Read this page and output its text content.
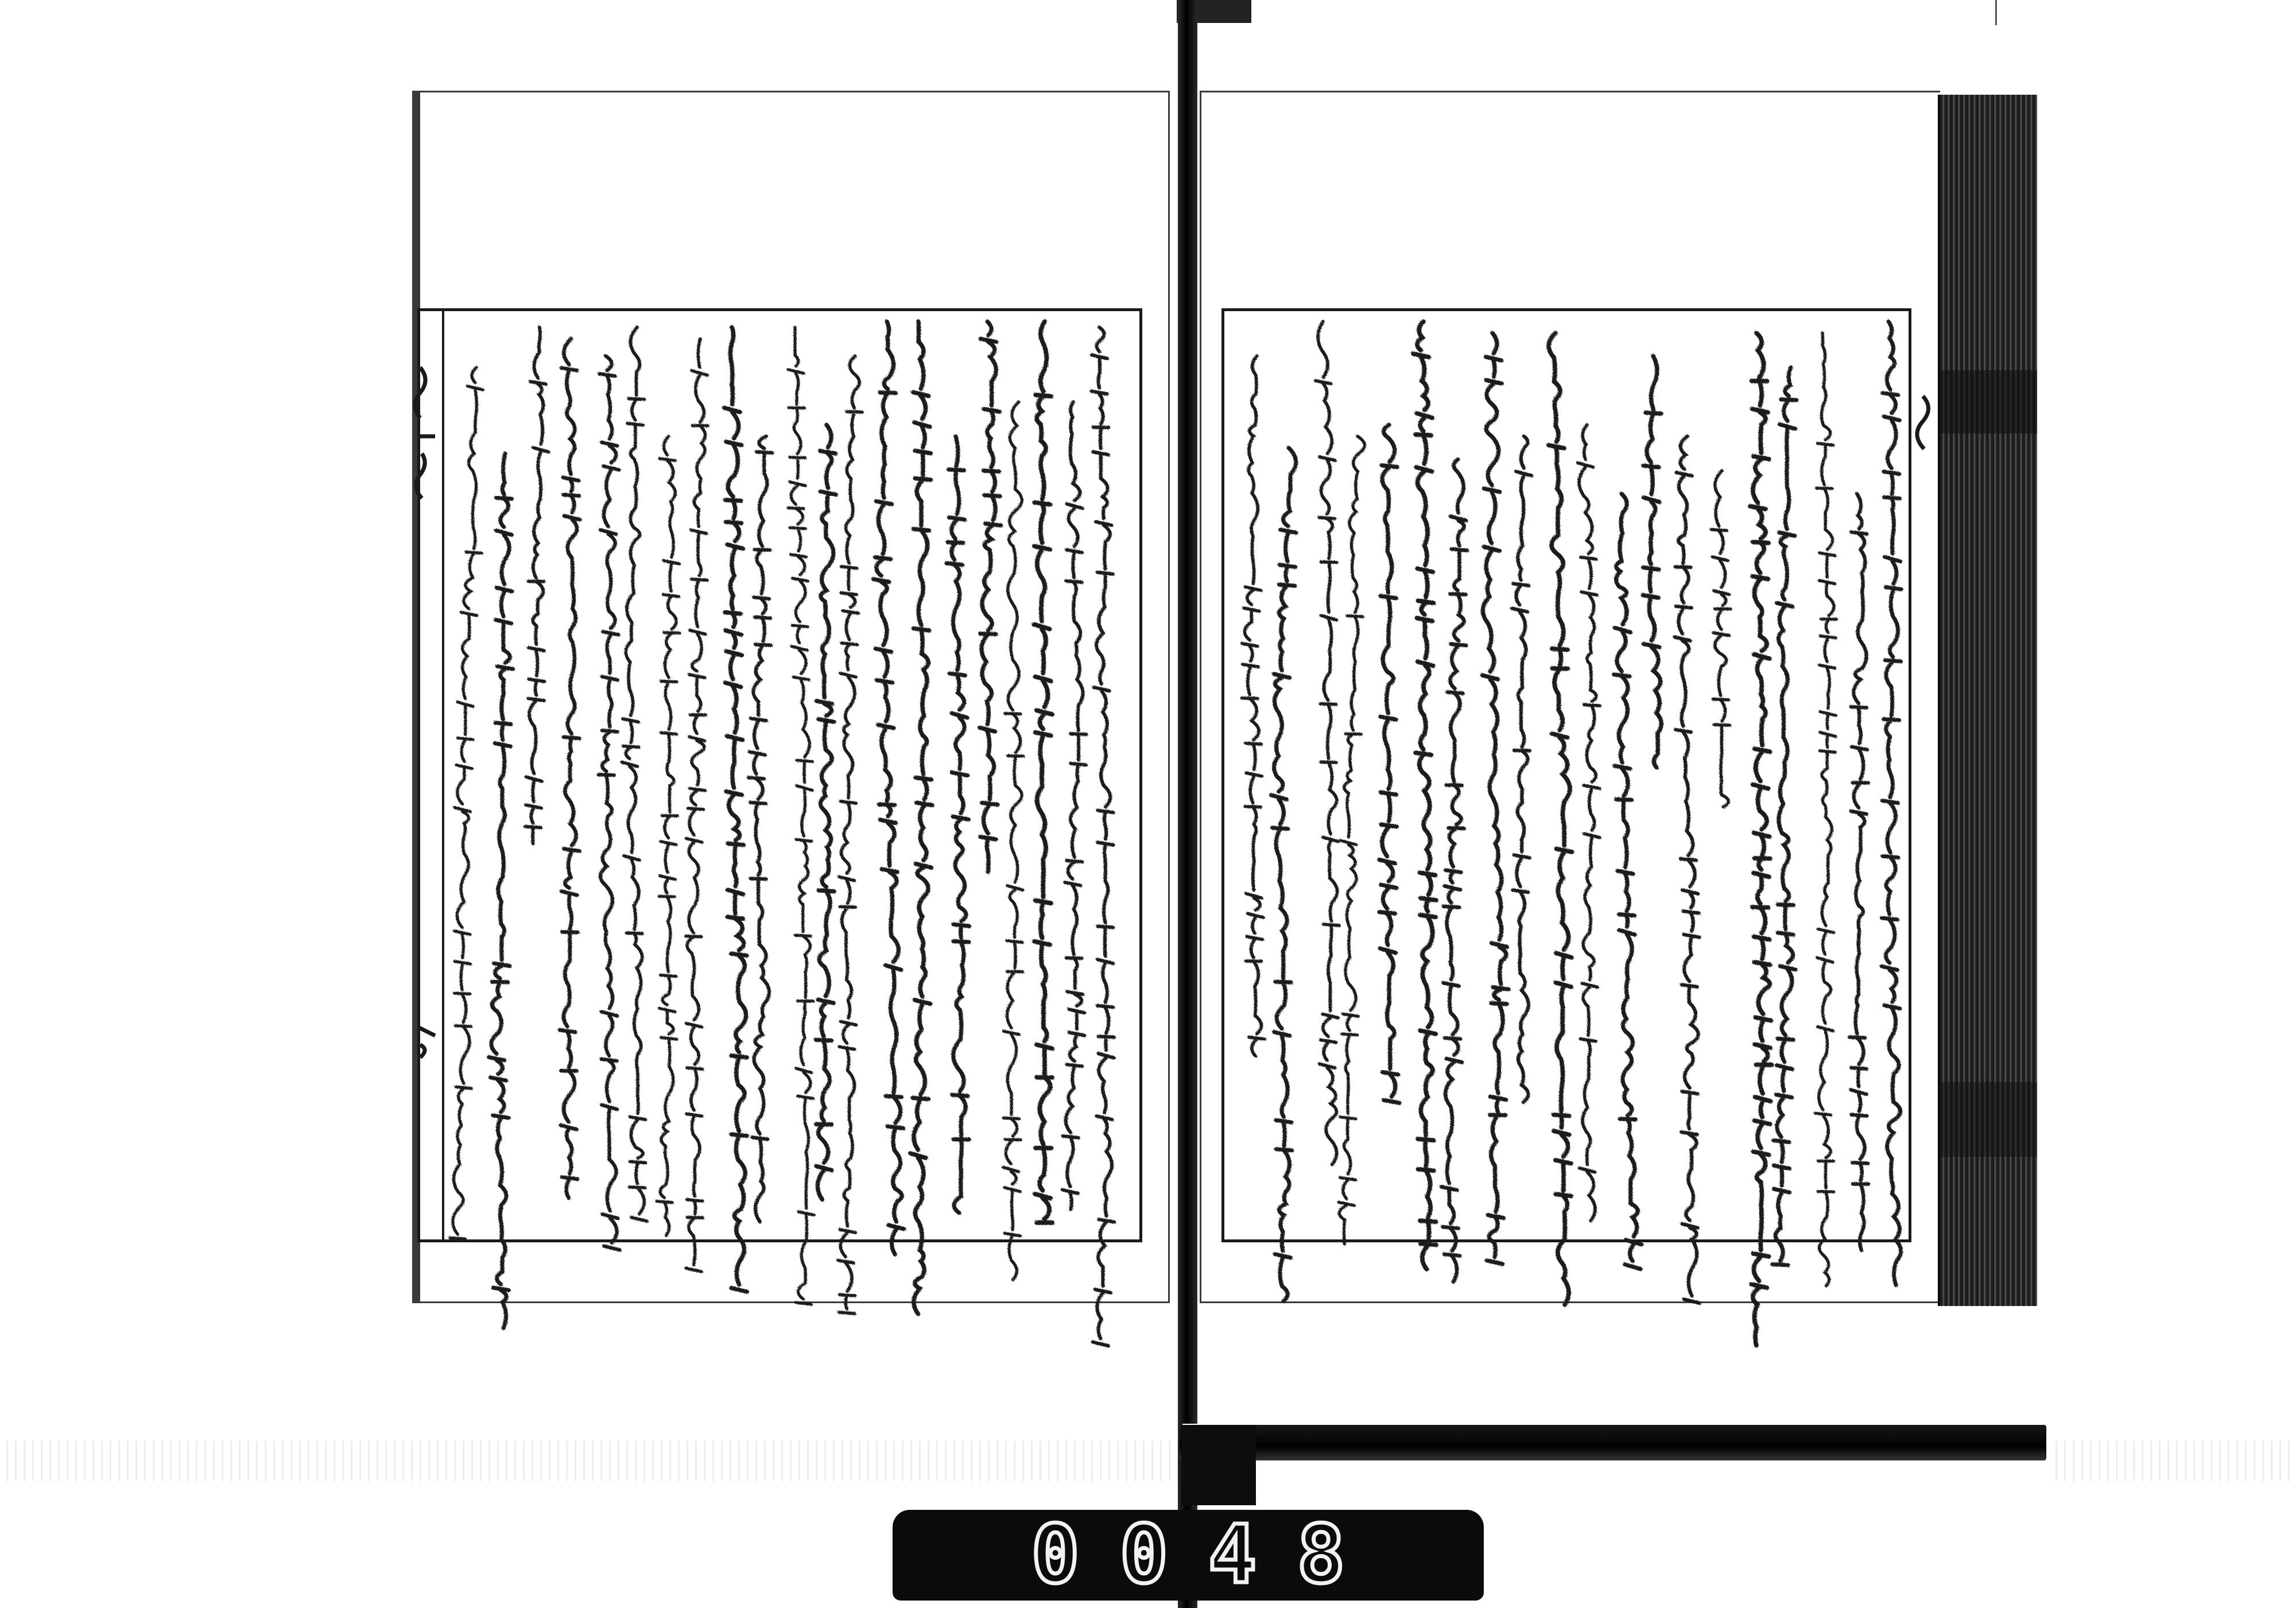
0048
